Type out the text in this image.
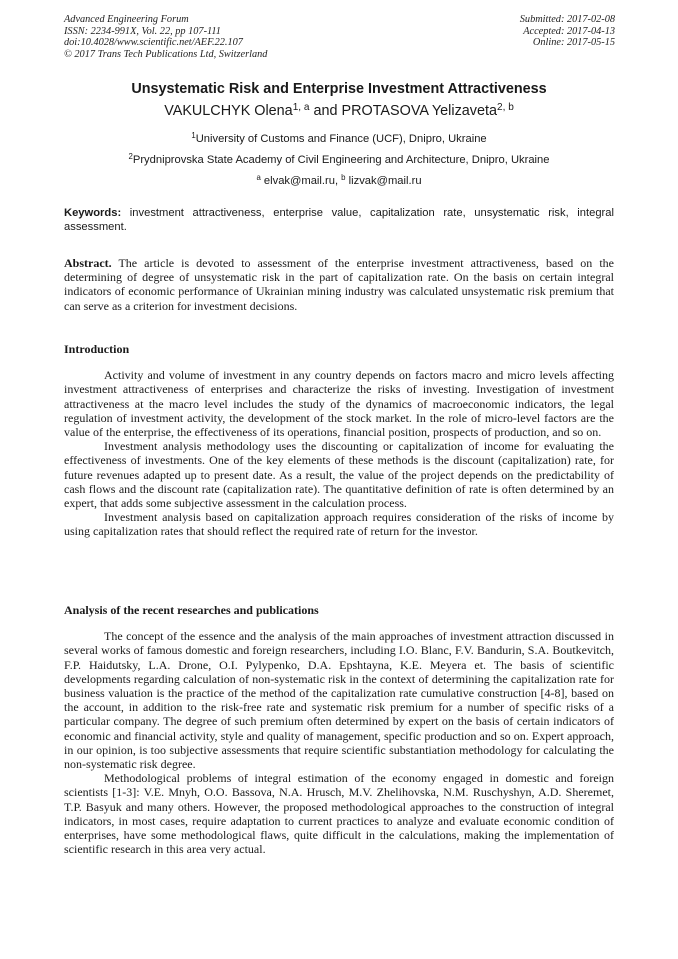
Advanced Engineering Forum
ISSN: 2234-991X, Vol. 22, pp 107-111
doi:10.4028/www.scientific.net/AEF.22.107
© 2017 Trans Tech Publications Ltd, Switzerland
Submitted: 2017-02-08
Accepted: 2017-04-13
Online: 2017-05-15
Unsystematic Risk and Enterprise Investment Attractiveness
VAKULCHYK Olena$^{1, a}$ and PROTASOVA Yelizaveta$^{2, b}$
$^1$University of Customs and Finance (UCF), Dnipro, Ukraine
$^2$Prydniprovska State Academy of Civil Engineering and Architecture, Dnipro, Ukraine
$^a$ elvak@mail.ru, $^b$ lizvak@mail.ru
Keywords: investment attractiveness, enterprise value, capitalization rate, unsystematic risk, integral assessment.

Abstract. The article is devoted to assessment of the enterprise investment attractiveness, based on the determining of degree of unsystematic risk in the part of capitalization rate. On the basis on certain integral indicators of economic performance of Ukrainian mining industry was calculated unsystematic risk premium that can serve as a criterion for investment decisions.

Introduction

Activity and volume of investment in any country depends on factors macro and micro levels affecting investment attractiveness of enterprises and characterize the risks of investing. Investigation of investment attractiveness at the macro level includes the study of the dynamics of macroeconomic indicators, the legal regulation of investment activity, the development of the stock market. In the role of micro-level factors are the value of the enterprise, the effectiveness of its operations, financial position, prospects of production, and so on.

Investment analysis methodology uses the discounting or capitalization of income for evaluating the effectiveness of investments. One of the key elements of these methods is the discount (capitalization) rate, for future revenues adapted up to present date. As a result, the value of the project depends on the predictability of cash flows and the discount rate (capitalization rate). The quantitative definition of rate is often determined by an expert, that adds some subjective assessment in the calculation process.

Investment analysis based on capitalization approach requires consideration of the risks of income by using capitalization rates that should reflect the required rate of return for the investor.

Analysis of the recent researches and publications

The concept of the essence and the analysis of the main approaches of investment attraction discussed in several works of famous domestic and foreign researchers, including I.O. Blanc, F.V. Bandurin, S.A. Boutkevitch, F.P. Haidutsky, L.A. Drone, O.I. Pylypenko, D.A. Epshtayna, K.E. Meyera et. The basis of scientific developments regarding calculation of non-systematic risk in the context of determining the capitalization rate for business valuation is the practice of the method of the capitalization rate cumulative construction [4-8], based on the account, in addition to the risk-free rate and systematic risk premium for a number of specific risks of a particular company. The degree of such premium often determined by expert on the basis of certain indicators of economic and financial activity, style and quality of management, specific production and so on. Expert approach, in our opinion, is too subjective assessments that require scientific substantiation methodology for calculating the non-systematic risk degree.

Methodological problems of integral estimation of the economy engaged in domestic and foreign scientists [1-3]: V.E. Mnyh, O.O. Bassova, N.A. Hrusch, M.V. Zhelihovska, N.M. Ruschyshyn, A.D. Sheremet, T.P. Basyuk and many others. However, the proposed methodological approaches to the construction of integral indicators, in most cases, require adaptation to current practices to analyze and evaluate economic condition of enterprises, have some methodological flaws, quite difficult in the calculations, making the implementation of scientific research in this area very actual.
